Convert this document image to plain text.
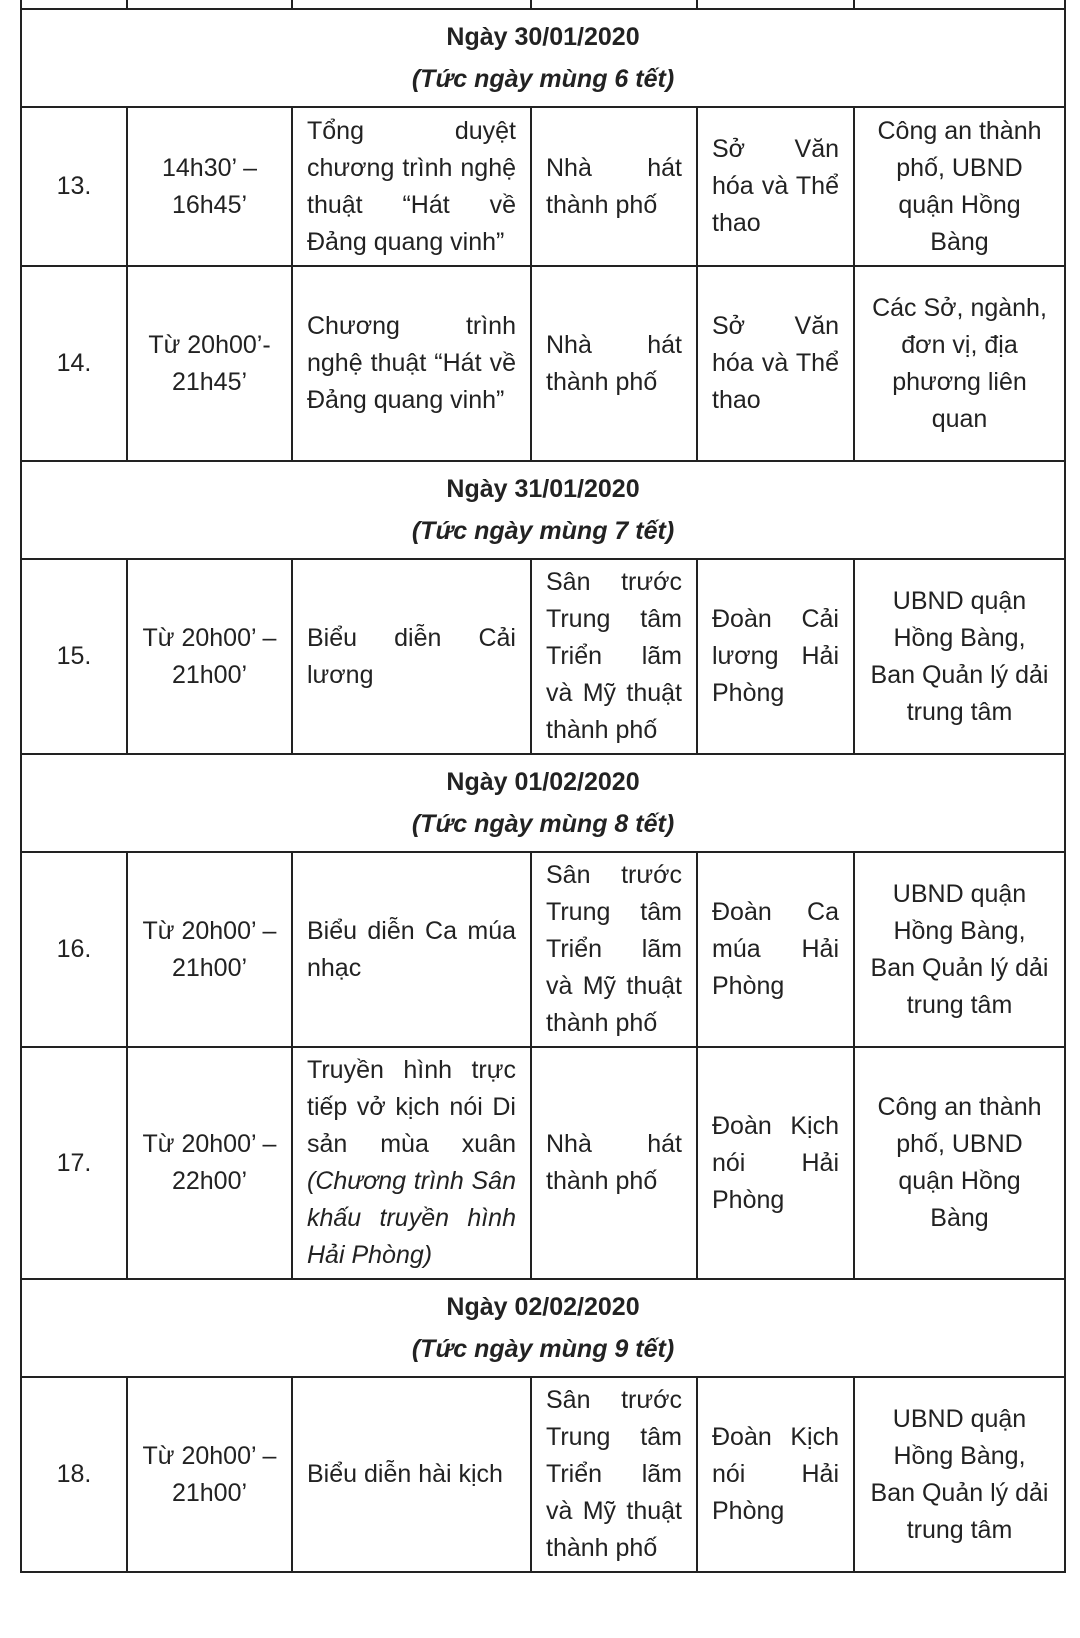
Ngày 30/01/2020
(Tức ngày mùng 6 tết)					

13.	14h30’ – 16h45’	Tổng duyệt chương trình nghệ thuật “Hát về Đảng quang vinh”	Nhà hát thành phố	Sở Văn hóa và Thể thao	Công an thành phố, UBND quận Hồng Bàng
14.	Từ 20h00’- 21h45’	Chương trình nghệ thuật “Hát về Đảng quang vinh”	Nhà hát thành phố	Sở Văn hóa và Thể thao	Các Sở, ngành, đơn vị, địa phương liên quan

Ngày 31/01/2020
(Tức ngày mùng 7 tết)					

15.	Từ 20h00’ – 21h00’	Biểu diễn Cải lương	Sân trước Trung tâm Triển lãm và Mỹ thuật thành phố	Đoàn Cải lương Hải Phòng	UBND quận Hồng Bàng, Ban Quản lý dải trung tâm

Ngày 01/02/2020
(Tức ngày mùng 8 tết)					

16.	Từ 20h00’ – 21h00’	Biểu diễn Ca múa nhạc	Sân trước Trung tâm Triển lãm và Mỹ thuật thành phố	Đoàn Ca múa Hải Phòng	UBND quận Hồng Bàng, Ban Quản lý dải trung tâm
17.	Từ 20h00’ – 22h00’	Truyền hình trực tiếp vở kịch nói Di sản mùa xuân (Chương trình Sân khấu truyền hình Hải Phòng)	Nhà hát thành phố	Đoàn Kịch nói Hải Phòng	Công an thành phố, UBND quận Hồng Bàng

Ngày 02/02/2020
(Tức ngày mùng 9 tết)					

18.	Từ 20h00’ – 21h00’	Biểu diễn hài kịch	Sân trước Trung tâm Triển lãm và Mỹ thuật thành phố	Đoàn Kịch nói Hải Phòng	UBND quận Hồng Bàng, Ban Quản lý dải trung tâm
